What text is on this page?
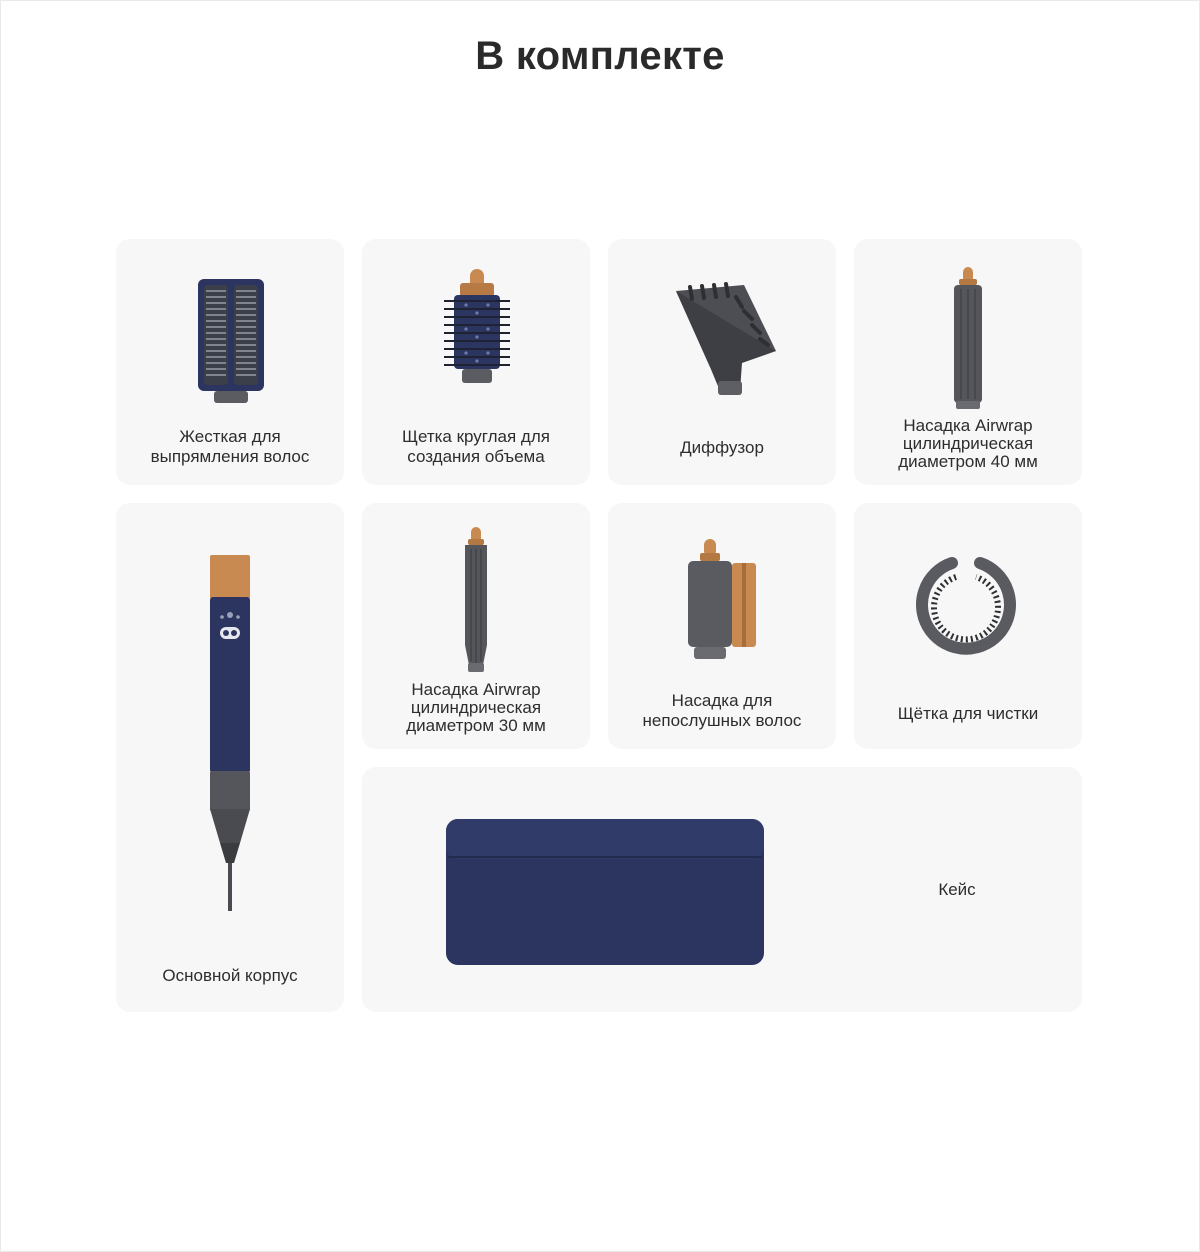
В комплекте
Жесткая для
выпрямления волос
Щетка круглая для
создания объема	Диффузор
Насадка Airwrap
цилиндрическая
диаметром 40 мм
Основной корпус
Насадка Airwrap
цилиндрическая
диаметром 30 мм
Насадка для
непослушных волос	Щётка для чистки
Кейс
